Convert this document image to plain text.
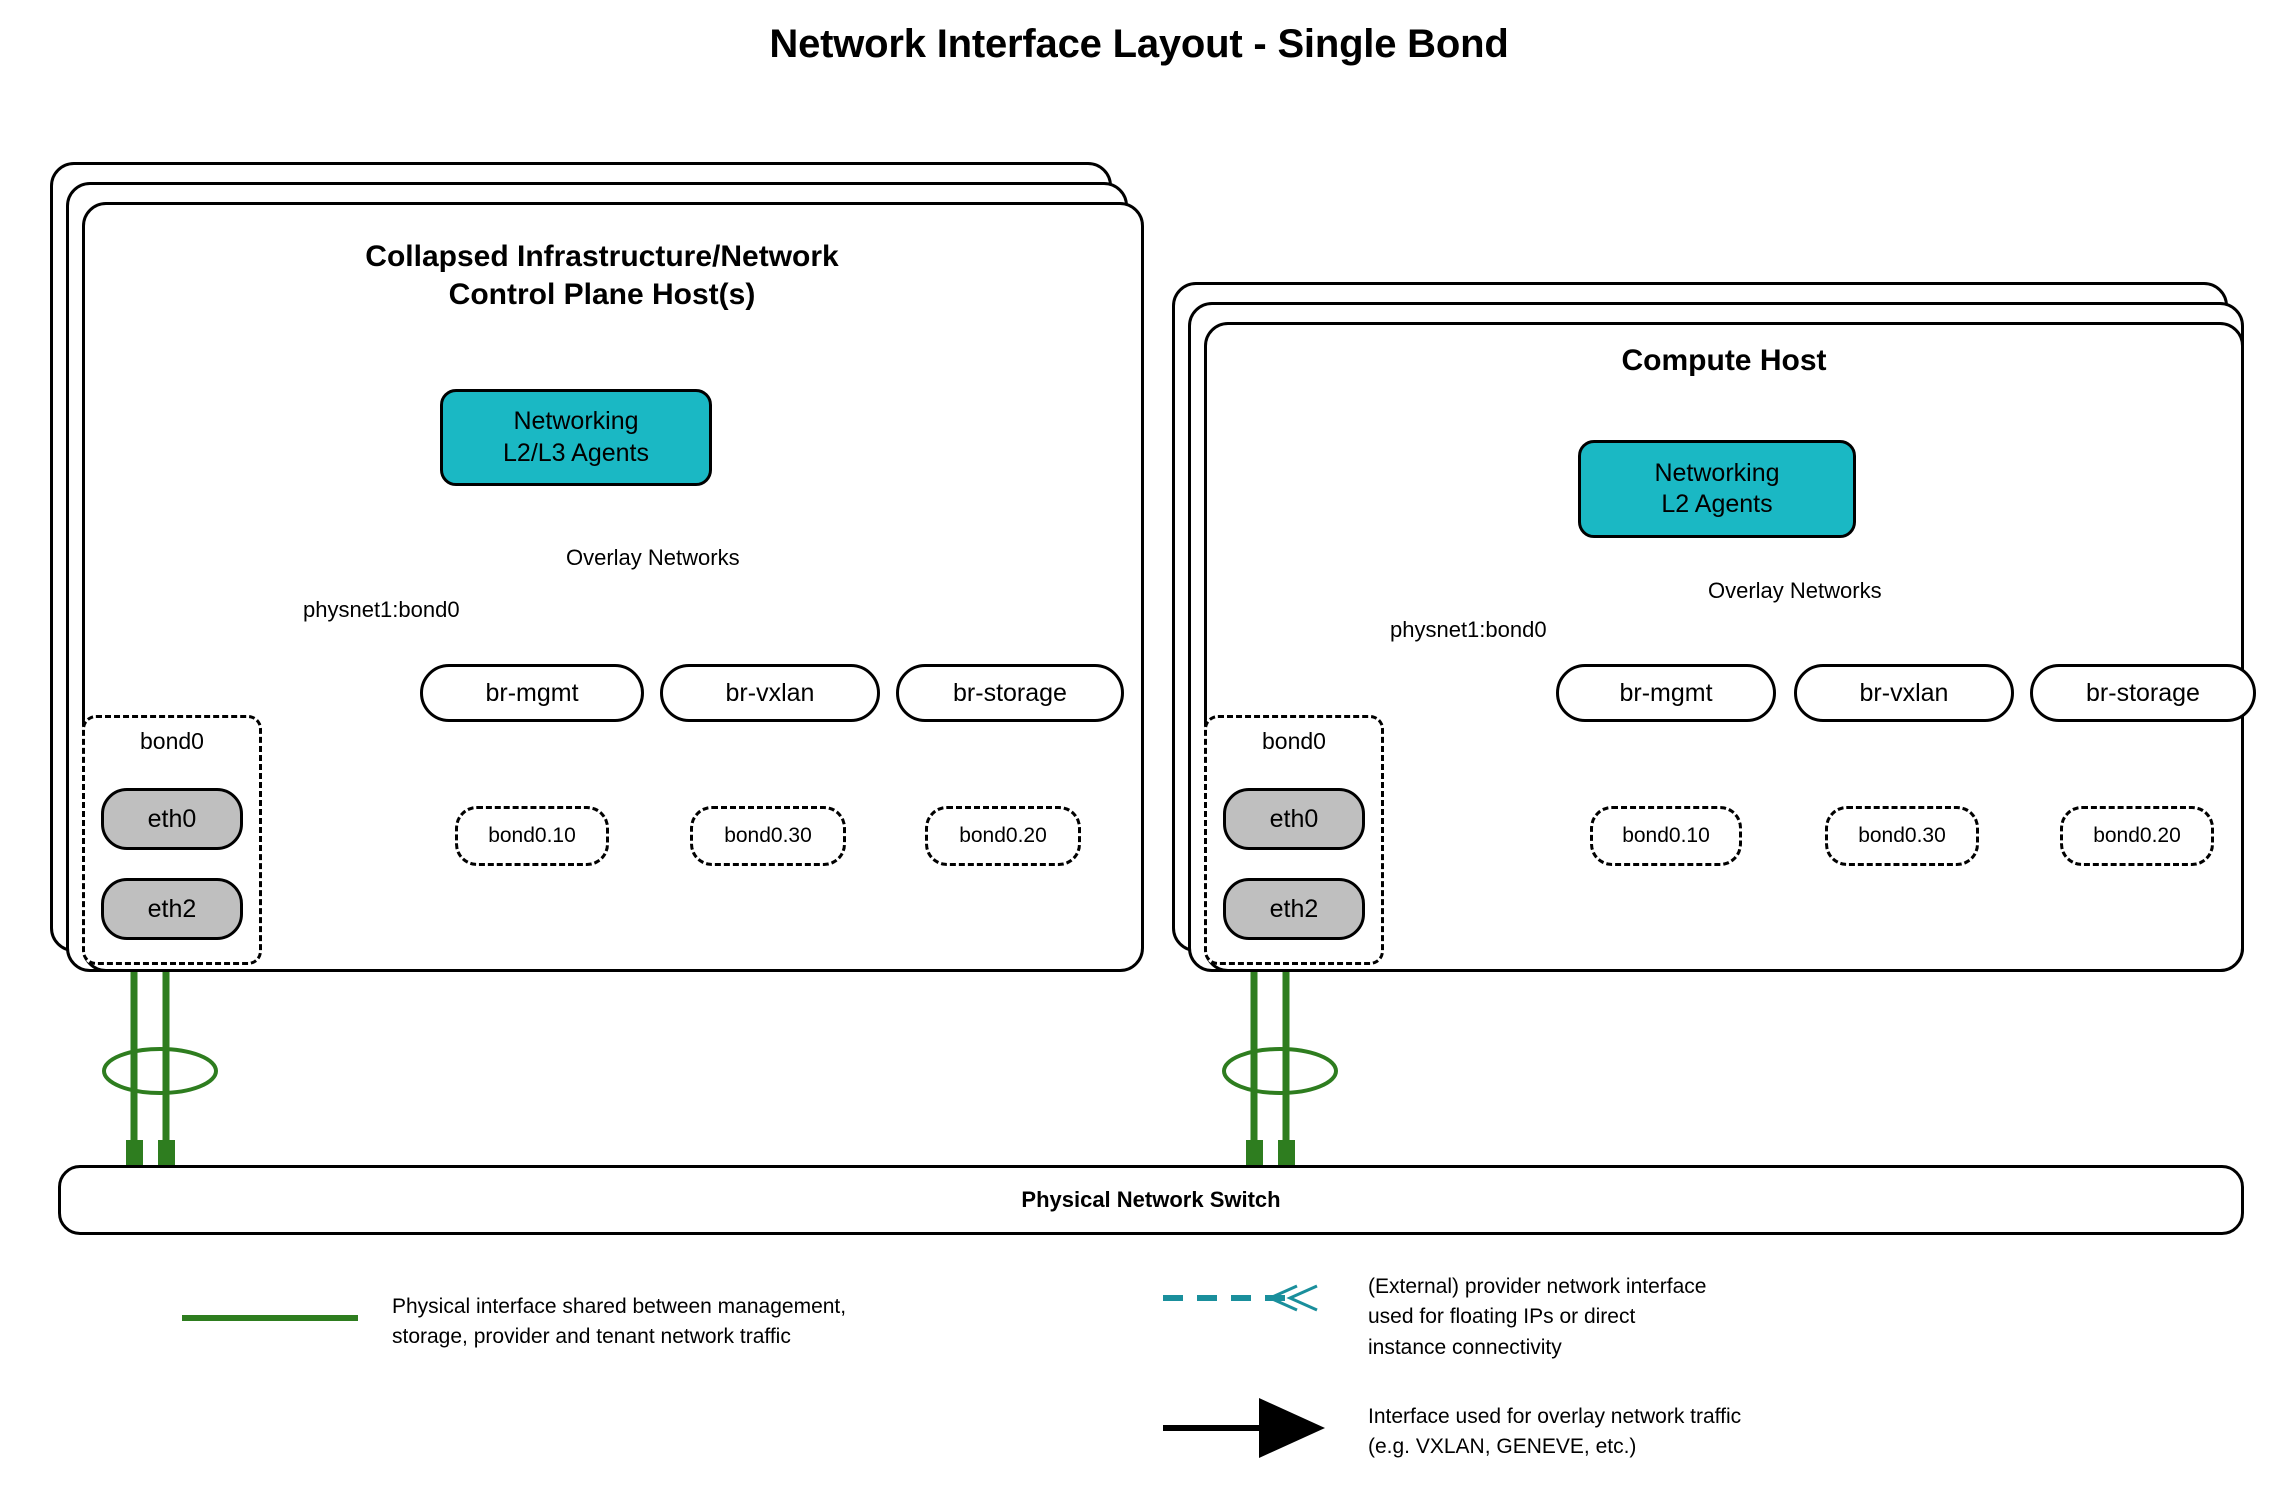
Network Interface Layout - Single Bond
Collapsed Infrastructure/Network
Control Plane Host(s)
Networking
L2/L3 Agents
Overlay Networks
physnet1:bond0
br-mgmt	br-vxlan	br-storage
bond0.10	bond0.30	bond0.20
bond0
eth0
eth2
Compute Host
Networking
L2 Agents
Overlay Networks
physnet1:bond0
br-mgmt	br-vxlan	br-storage
bond0.10	bond0.30	bond0.20
bond0
eth0
eth2
Physical Network Switch
Physical interface shared between management,
storage, provider and tenant network traffic
(External) provider network interface
used for floating IPs or direct
instance connectivity
Interface used for overlay network traffic
(e.g. VXLAN, GENEVE, etc.)
